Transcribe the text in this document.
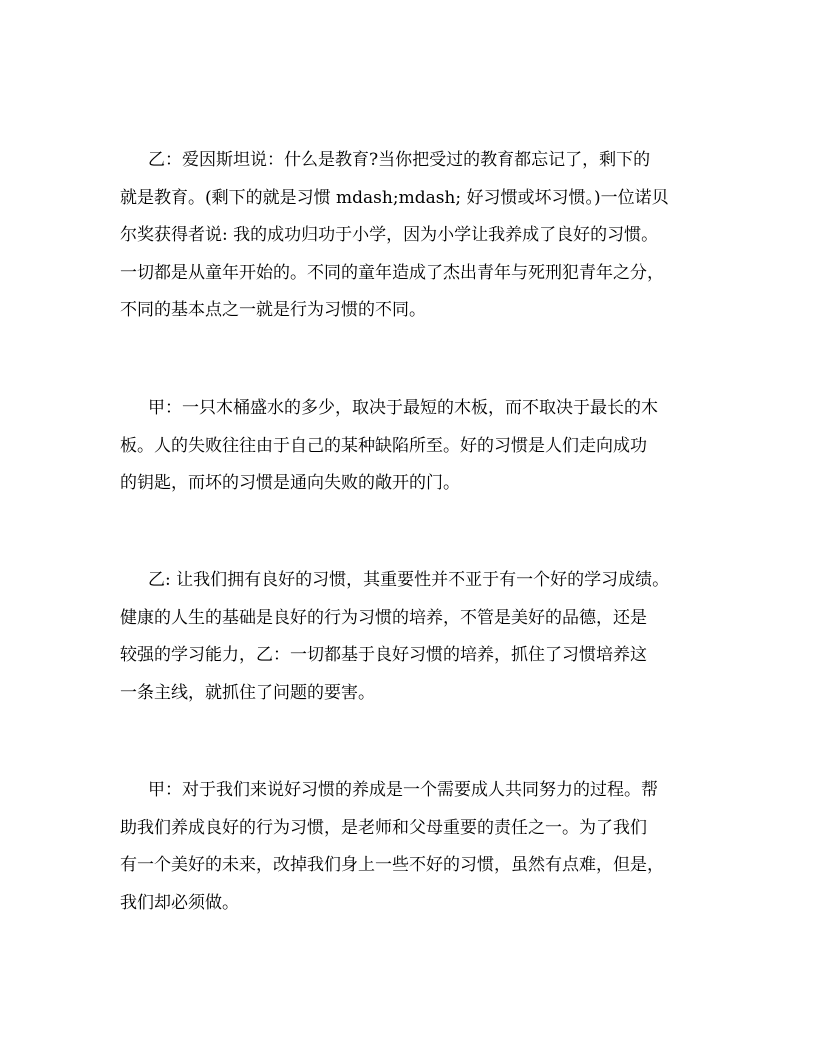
乙：爱因斯坦说：什么是教育?当你把受过的教育都忘记了，剩下的
就是教育。(剩下的就是习惯 mdash;mdash; 好习惯或坏习惯。)一位诺贝
尔奖获得者说: 我的成功归功于小学，因为小学让我养成了良好的习惯。
一切都是从童年开始的。不同的童年造成了杰出青年与死刑犯青年之分，
不同的基本点之一就是行为习惯的不同。

甲：一只木桶盛水的多少，取决于最短的木板，而不取决于最长的木
板。人的失败往往由于自己的某种缺陷所至。好的习惯是人们走向成功
的钥匙，而坏的习惯是通向失败的敞开的门。

乙: 让我们拥有良好的习惯，其重要性并不亚于有一个好的学习成绩。
健康的人生的基础是良好的行为习惯的培养，不管是美好的品德，还是
较强的学习能力，乙：一切都基于良好习惯的培养，抓住了习惯培养这
一条主线，就抓住了问题的要害。

甲：对于我们来说好习惯的养成是一个需要成人共同努力的过程。帮
助我们养成良好的行为习惯，是老师和父母重要的责任之一。为了我们
有一个美好的未来，改掉我们身上一些不好的习惯，虽然有点难，但是，
我们却必须做。
